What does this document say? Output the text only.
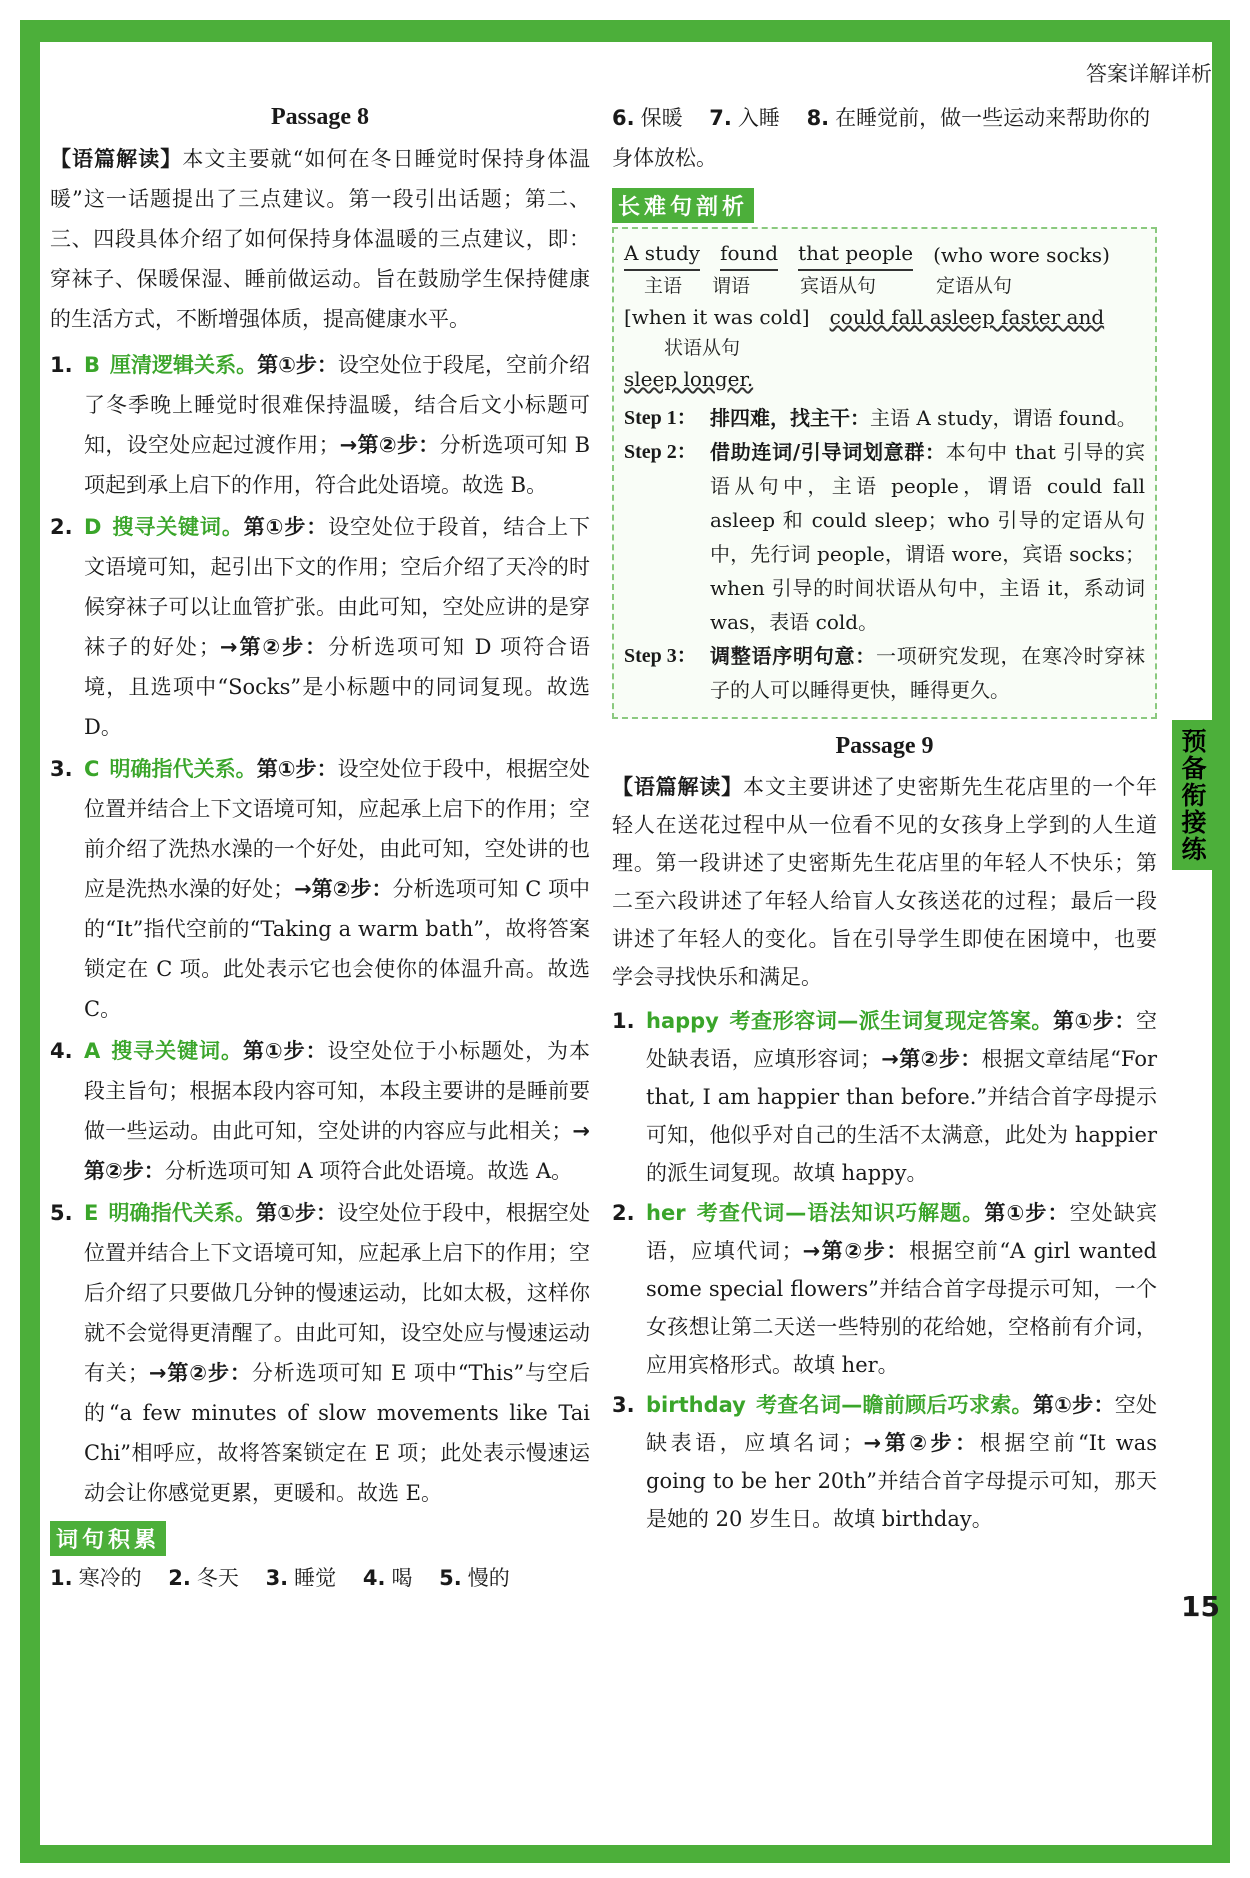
答案详解详析
预备衔接练
Passage 8
【语篇解读】本文主要就“如何在冬日睡觉时保持身体温暖”这一话题提出了三点建议。第一段引出话题；第二、三、四段具体介绍了如何保持身体温暖的三点建议，即：穿袜子、保暖保湿、睡前做运动。旨在鼓励学生保持健康的生活方式，不断增强体质，提高健康水平。
1. B 厘清逻辑关系。第①步：设空处位于段尾，空前介绍了冬季晚上睡觉时很难保持温暖，结合后文小标题可知，设空处应起过渡作用；→第②步：分析选项可知 B 项起到承上启下的作用，符合此处语境。故选 B。
2. D 搜寻关键词。第①步：设空处位于段首，结合上下文语境可知，起引出下文的作用；空后介绍了天冷的时候穿袜子可以让血管扩张。由此可知，空处应讲的是穿袜子的好处；→第②步：分析选项可知 D 项符合语境，且选项中“Socks”是小标题中的同词复现。故选 D。
3. C 明确指代关系。第①步：设空处位于段中，根据空处位置并结合上下文语境可知，应起承上启下的作用；空前介绍了洗热水澡的一个好处，由此可知，空处讲的也应是洗热水澡的好处；→第②步：分析选项可知 C 项中的“It”指代空前的“Taking a warm bath”，故将答案锁定在 C 项。此处表示它也会使你的体温升高。故选 C。
4. A 搜寻关键词。第①步：设空处位于小标题处，为本段主旨句；根据本段内容可知，本段主要讲的是睡前要做一些运动。由此可知，空处讲的内容应与此相关；→第②步：分析选项可知 A 项符合此处语境。故选 A。
5. E 明确指代关系。第①步：设空处位于段中，根据空处位置并结合上下文语境可知，应起承上启下的作用；空后介绍了只要做几分钟的慢速运动，比如太极，这样你就不会觉得更清醒了。由此可知，设空处应与慢速运动有关；→第②步：分析选项可知 E 项中“This”与空后的“a few minutes of slow movements like Tai Chi”相呼应，故将答案锁定在 E 项；此处表示慢速运动会让你感觉更累，更暖和。故选 E。
词句积累
1. 寒冷的 2. 冬天 3. 睡觉 4. 喝 5. 慢的
6. 保暖 7. 入睡 8. 在睡觉前，做一些运动来帮助你的身体放松。
长难句剖析
A study found that people (who wore socks)
主语 谓语	宾语从句	定语从句
[when it was cold] could fall asleep faster and
状语从句
sleep longer.
Step 1： 排四难，找主干：主语 A study，谓语 found。
Step 2： 借助连词/引导词划意群：本句中 that 引导的宾语从句中，主语 people，谓语 could fall asleep 和 could sleep；who 引导的定语从句中，先行词 people，谓语 wore，宾语 socks；when 引导的时间状语从句中，主语 it，系动词 was，表语 cold。
Step 3： 调整语序明句意：一项研究发现，在寒冷时穿袜子的人可以睡得更快，睡得更久。
Passage 9
【语篇解读】本文主要讲述了史密斯先生花店里的一个年轻人在送花过程中从一位看不见的女孩身上学到的人生道理。第一段讲述了史密斯先生花店里的年轻人不快乐；第二至六段讲述了年轻人给盲人女孩送花的过程；最后一段讲述了年轻人的变化。旨在引导学生即使在困境中，也要学会寻找快乐和满足。
1. happy 考查形容词—派生词复现定答案。第①步：空处缺表语，应填形容词；→第②步：根据文章结尾“For that, I am happier than before.”并结合首字母提示可知，他似乎对自己的生活不太满意，此处为 happier 的派生词复现。故填 happy。
2. her 考查代词—语法知识巧解题。第①步：空处缺宾语，应填代词；→第②步：根据空前“A girl wanted some special flowers”并结合首字母提示可知，一个女孩想让第二天送一些特别的花给她，空格前有介词，应用宾格形式。故填 her。
3. birthday 考查名词—瞻前顾后巧求索。第①步：空处缺表语，应填名词；→第②步：根据空前“It was going to be her 20th”并结合首字母提示可知，那天是她的 20 岁生日。故填 birthday。
15
